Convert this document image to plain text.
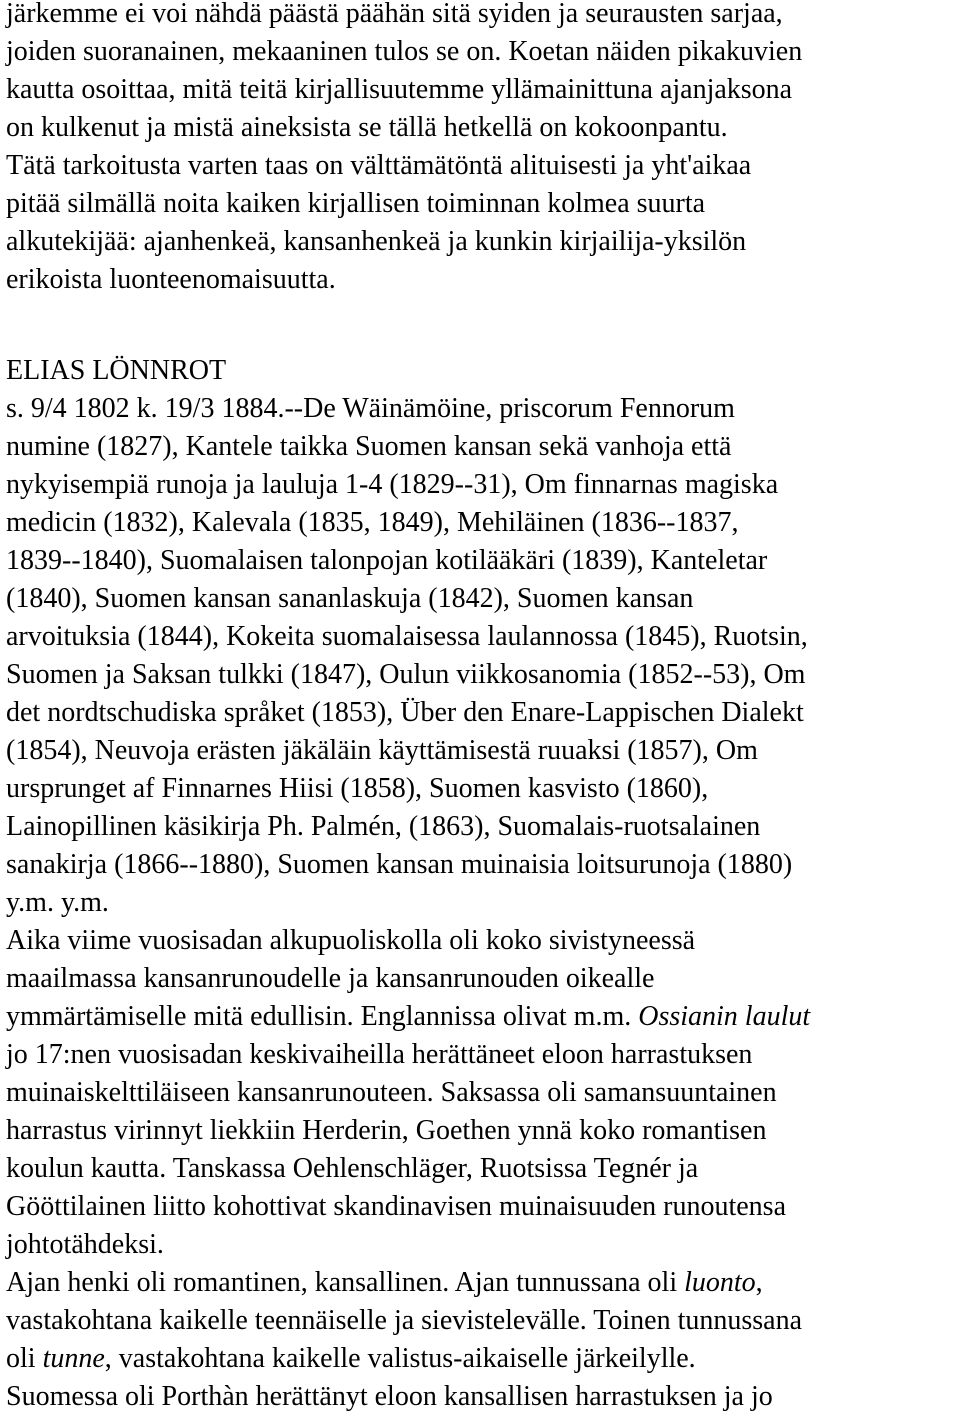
järkemme ei voi nähdä päästä päähän sitä syiden ja seurausten sarjaa,
joiden suoranainen, mekaaninen tulos se on. Koetan näiden pikakuvien
kautta osoittaa, mitä teitä kirjallisuutemme yllämainittuna ajanjaksona
on kulkenut ja mistä aineksista se tällä hetkellä on kokoonpantu.
Tätä tarkoitusta varten taas on välttämätöntä alituisesti ja yht'aikaa
pitää silmällä noita kaiken kirjallisen toiminnan kolmea suurta
alkutekijää: ajanhenkeä, kansanhenkeä ja kunkin kirjailija-yksilön
erikoista luonteenomaisuutta.
ELIAS LÖNNROT
s. 9/4 1802 k. 19/3 1884.--De Wäinämöine, priscorum Fennorum
numine (1827), Kantele taikka Suomen kansan sekä vanhoja että
nykyisempiä runoja ja lauluja 1-4 (1829--31), Om finnarnas magiska
medicin (1832), Kalevala (1835, 1849), Mehiläinen (1836--1837,
1839--1840), Suomalaisen talonpojan kotilääkäri (1839), Kanteletar
(1840), Suomen kansan sananlaskuja (1842), Suomen kansan
arvoituksia (1844), Kokeita suomalaisessa laulannossa (1845), Ruotsin,
Suomen ja Saksan tulkki (1847), Oulun viikkosanomia (1852--53), Om
det nordtschudiska språket (1853), Über den Enare-Lappischen Dialekt
(1854), Neuvoja erästen jäkäläin käyttämisestä ruuaksi (1857), Om
ursprunget af Finnarnes Hiisi (1858), Suomen kasvisto (1860),
Lainopillinen käsikirja Ph. Palmén, (1863), Suomalais-ruotsalainen
sanakirja (1866--1880), Suomen kansan muinaisia loitsurunoja (1880)
y.m. y.m.
Aika viime vuosisadan alkupuoliskolla oli koko sivistyneessä
maailmassa kansanrunoudelle ja kansanrunouden oikealle
ymmärtämiselle mitä edullisin. Englannissa olivat m.m. Ossianin laulut
jo 17:nen vuosisadan keskivaiheilla herättäneet eloon harrastuksen
muinaiskelttiläiseen kansanrunouteen. Saksassa oli samansuuntainen
harrastus virinnyt liekkiin Herderin, Goethen ynnä koko romantisen
koulun kautta. Tanskassa Oehlenschläger, Ruotsissa Tegnér ja
Gööttilainen liitto kohottivat skandinavisen muinaisuuden runoutensa
johtotähdeksi.
Ajan henki oli romantinen, kansallinen. Ajan tunnussana oli luonto,
vastakohtana kaikelle teennäiselle ja sievistelevälle. Toinen tunnussana
oli tunne, vastakohtana kaikelle valistus-aikaiselle järkeilylle.
Suomessa oli Porthàn herättänyt eloon kansallisen harrastuksen ja jo
